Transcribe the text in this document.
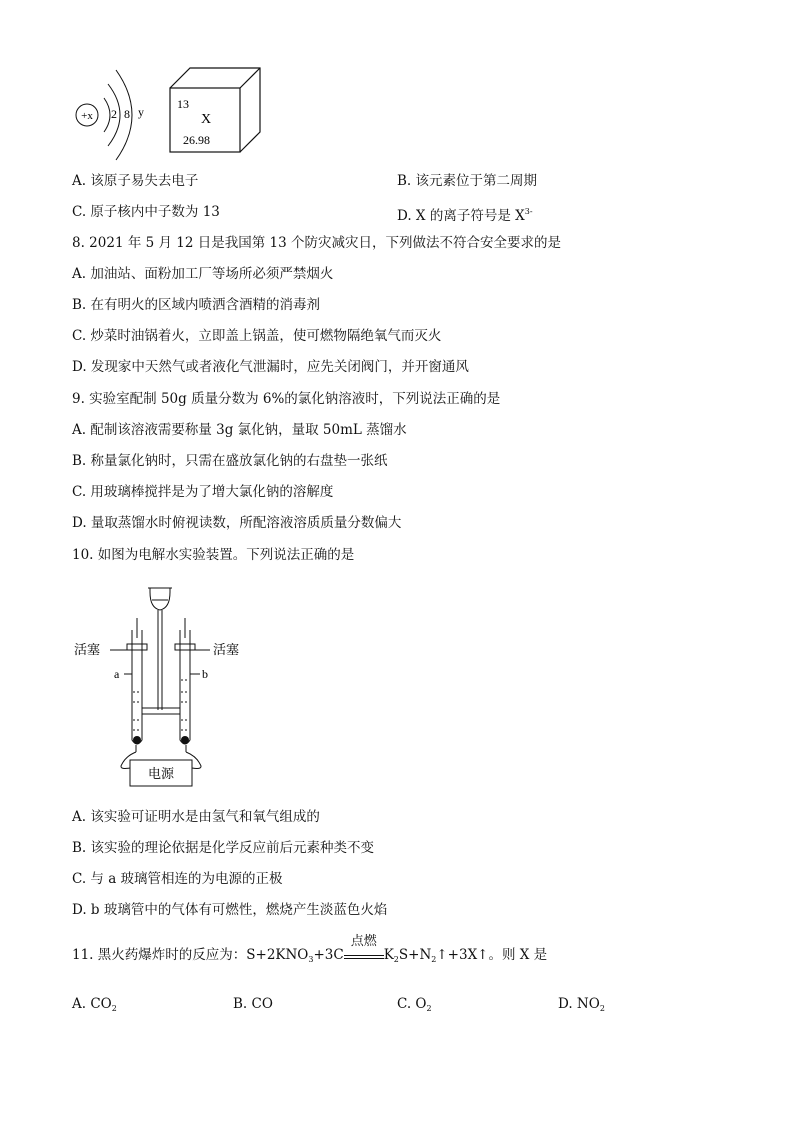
+x 2 8 y
13
X
26.98
A. 该原子易失去电子	B. 该元素位于第二周期
C. 原子核内中子数为 13	D. X 的离子符号是 $X^{3-}$
8. 2021 年 5 月 12 日是我国第 13 个防灾减灾日，下列做法不符合安全要求的是
A. 加油站、面粉加工厂等场所必须严禁烟火
B. 在有明火的区域内喷洒含酒精的消毒剂
C. 炒菜时油锅着火，立即盖上锅盖，使可燃物隔绝氧气而灭火
D. 发现家中天然气或者液化气泄漏时，应先关闭阀门，并开窗通风
9. 实验室配制 50g 质量分数为 6%的氯化钠溶液时，下列说法正确的是
A. 配制该溶液需要称量 3g 氯化钠，量取 50mL 蒸馏水
B. 称量氯化钠时，只需在盛放氯化钠的右盘垫一张纸
C. 用玻璃棒搅拌是为了增大氯化钠的溶解度
D. 量取蒸馏水时俯视读数，所配溶液溶质质量分数偏大
10. 如图为电解水实验装置。下列说法正确的是
活塞	活塞
a	b
电源
A. 该实验可证明水是由氢气和氧气组成的
B. 该实验的理论依据是化学反应前后元素种类不变
C. 与 a 玻璃管相连的为电源的正极
D. b 玻璃管中的气体有可燃性，燃烧产生淡蓝色火焰
11. 黑火药爆炸时的反应为：$S+2KNO_3+3C$
点燃
$K_2S+N_2↑+3X↑$。则 X 是
A. $CO_2$	B. CO	C. $O_2$	D. $NO_2$
